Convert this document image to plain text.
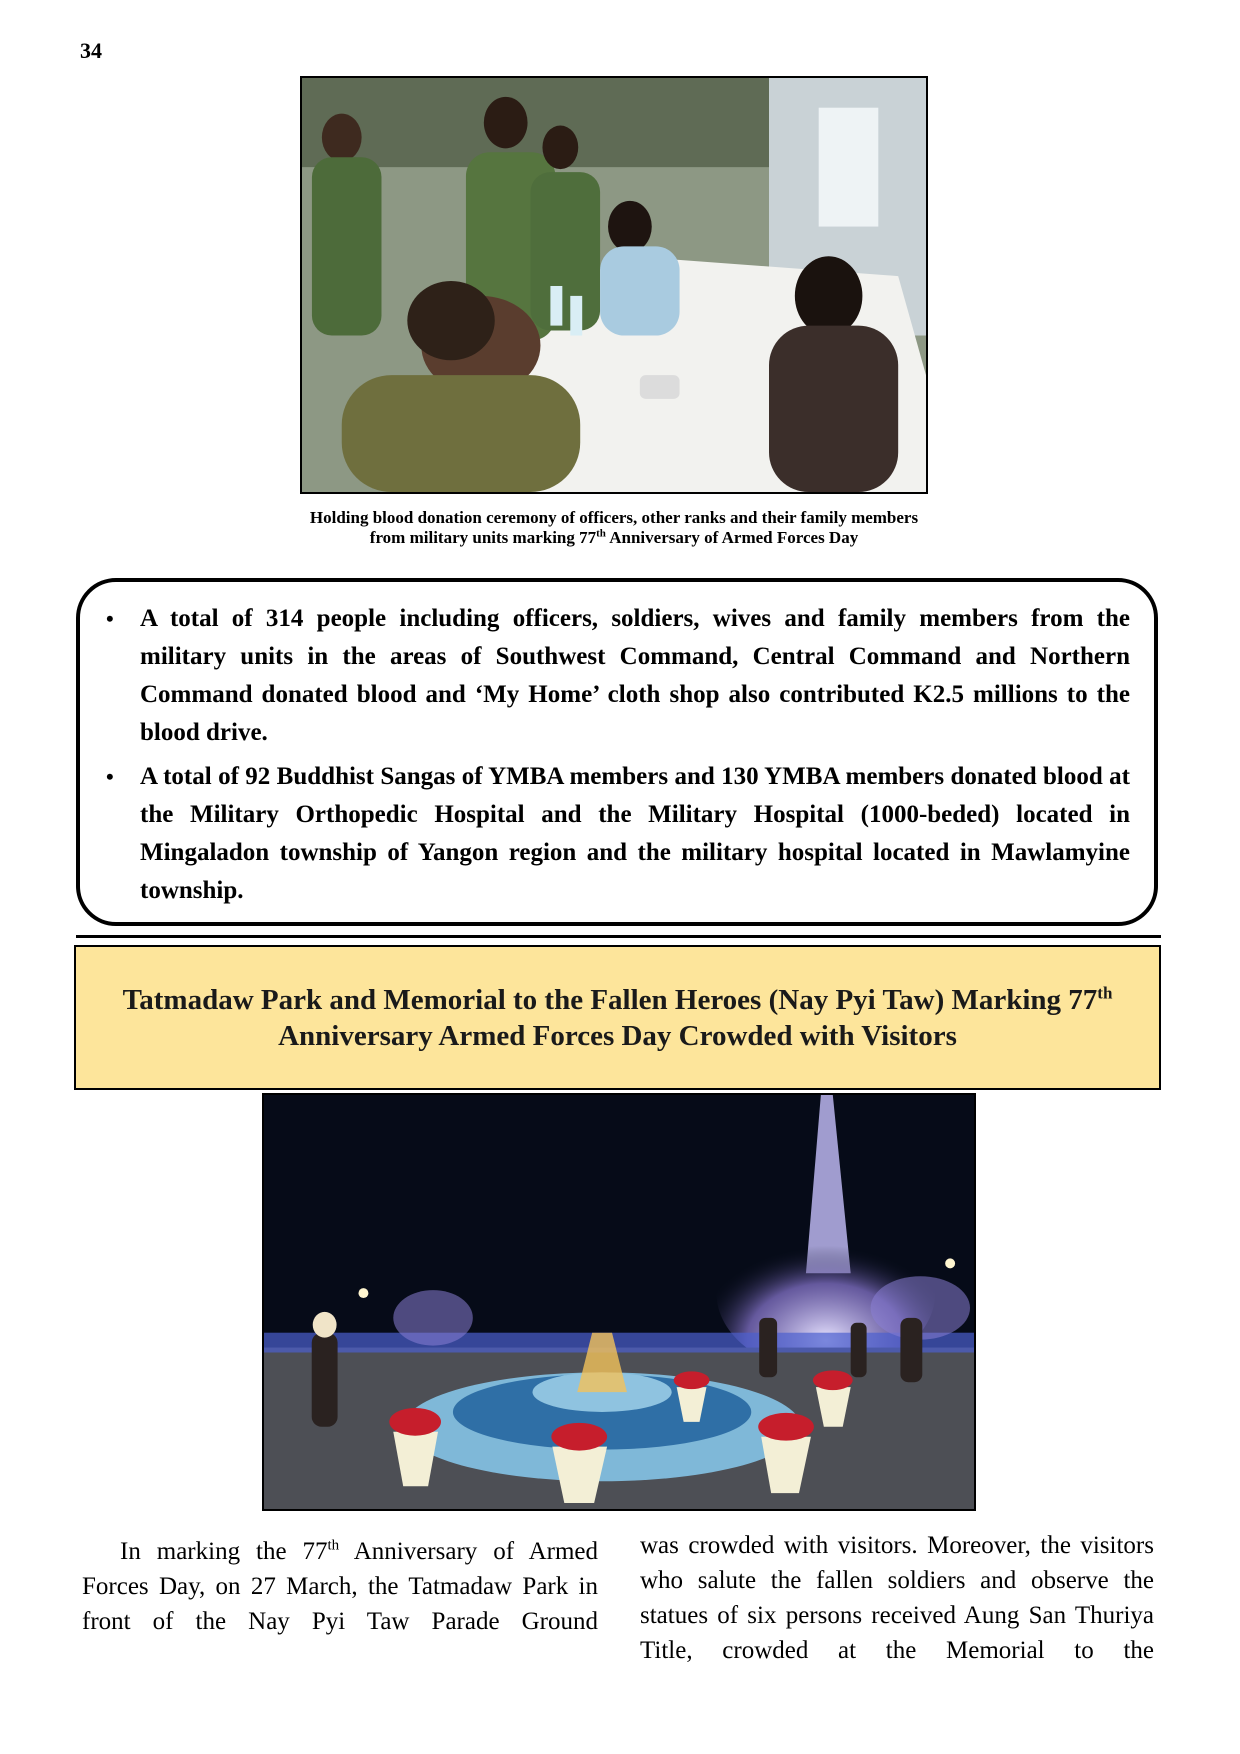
34
Holding blood donation ceremony of officers, other ranks and their family members from military units marking 77th Anniversary of Armed Forces Day
• A total of 314 people including officers, soldiers, wives and family members from the military units in the areas of Southwest Command, Central Command and Northern Command donated blood and ‘My Home’ cloth shop also contributed K2.5 millions to the blood drive.
• A total of 92 Buddhist Sangas of YMBA members and 130 YMBA members donated blood at the Military Orthopedic Hospital and the Military Hospital (1000-beded) located in Mingaladon township of Yangon region and the military hospital located in Mawlamyine township.
Tatmadaw Park and Memorial to the Fallen Heroes (Nay Pyi Taw) Marking 77th
Anniversary Armed Forces Day Crowded with Visitors

In marking the 77th Anniversary of Armed Forces Day, on 27 March, the Tatmadaw Park in front of the Nay Pyi Taw Parade Ground

was crowded with visitors. Moreover, the visitors who salute the fallen soldiers and observe the statues of six persons received Aung San Thuriya Title, crowded at the Memorial to the
